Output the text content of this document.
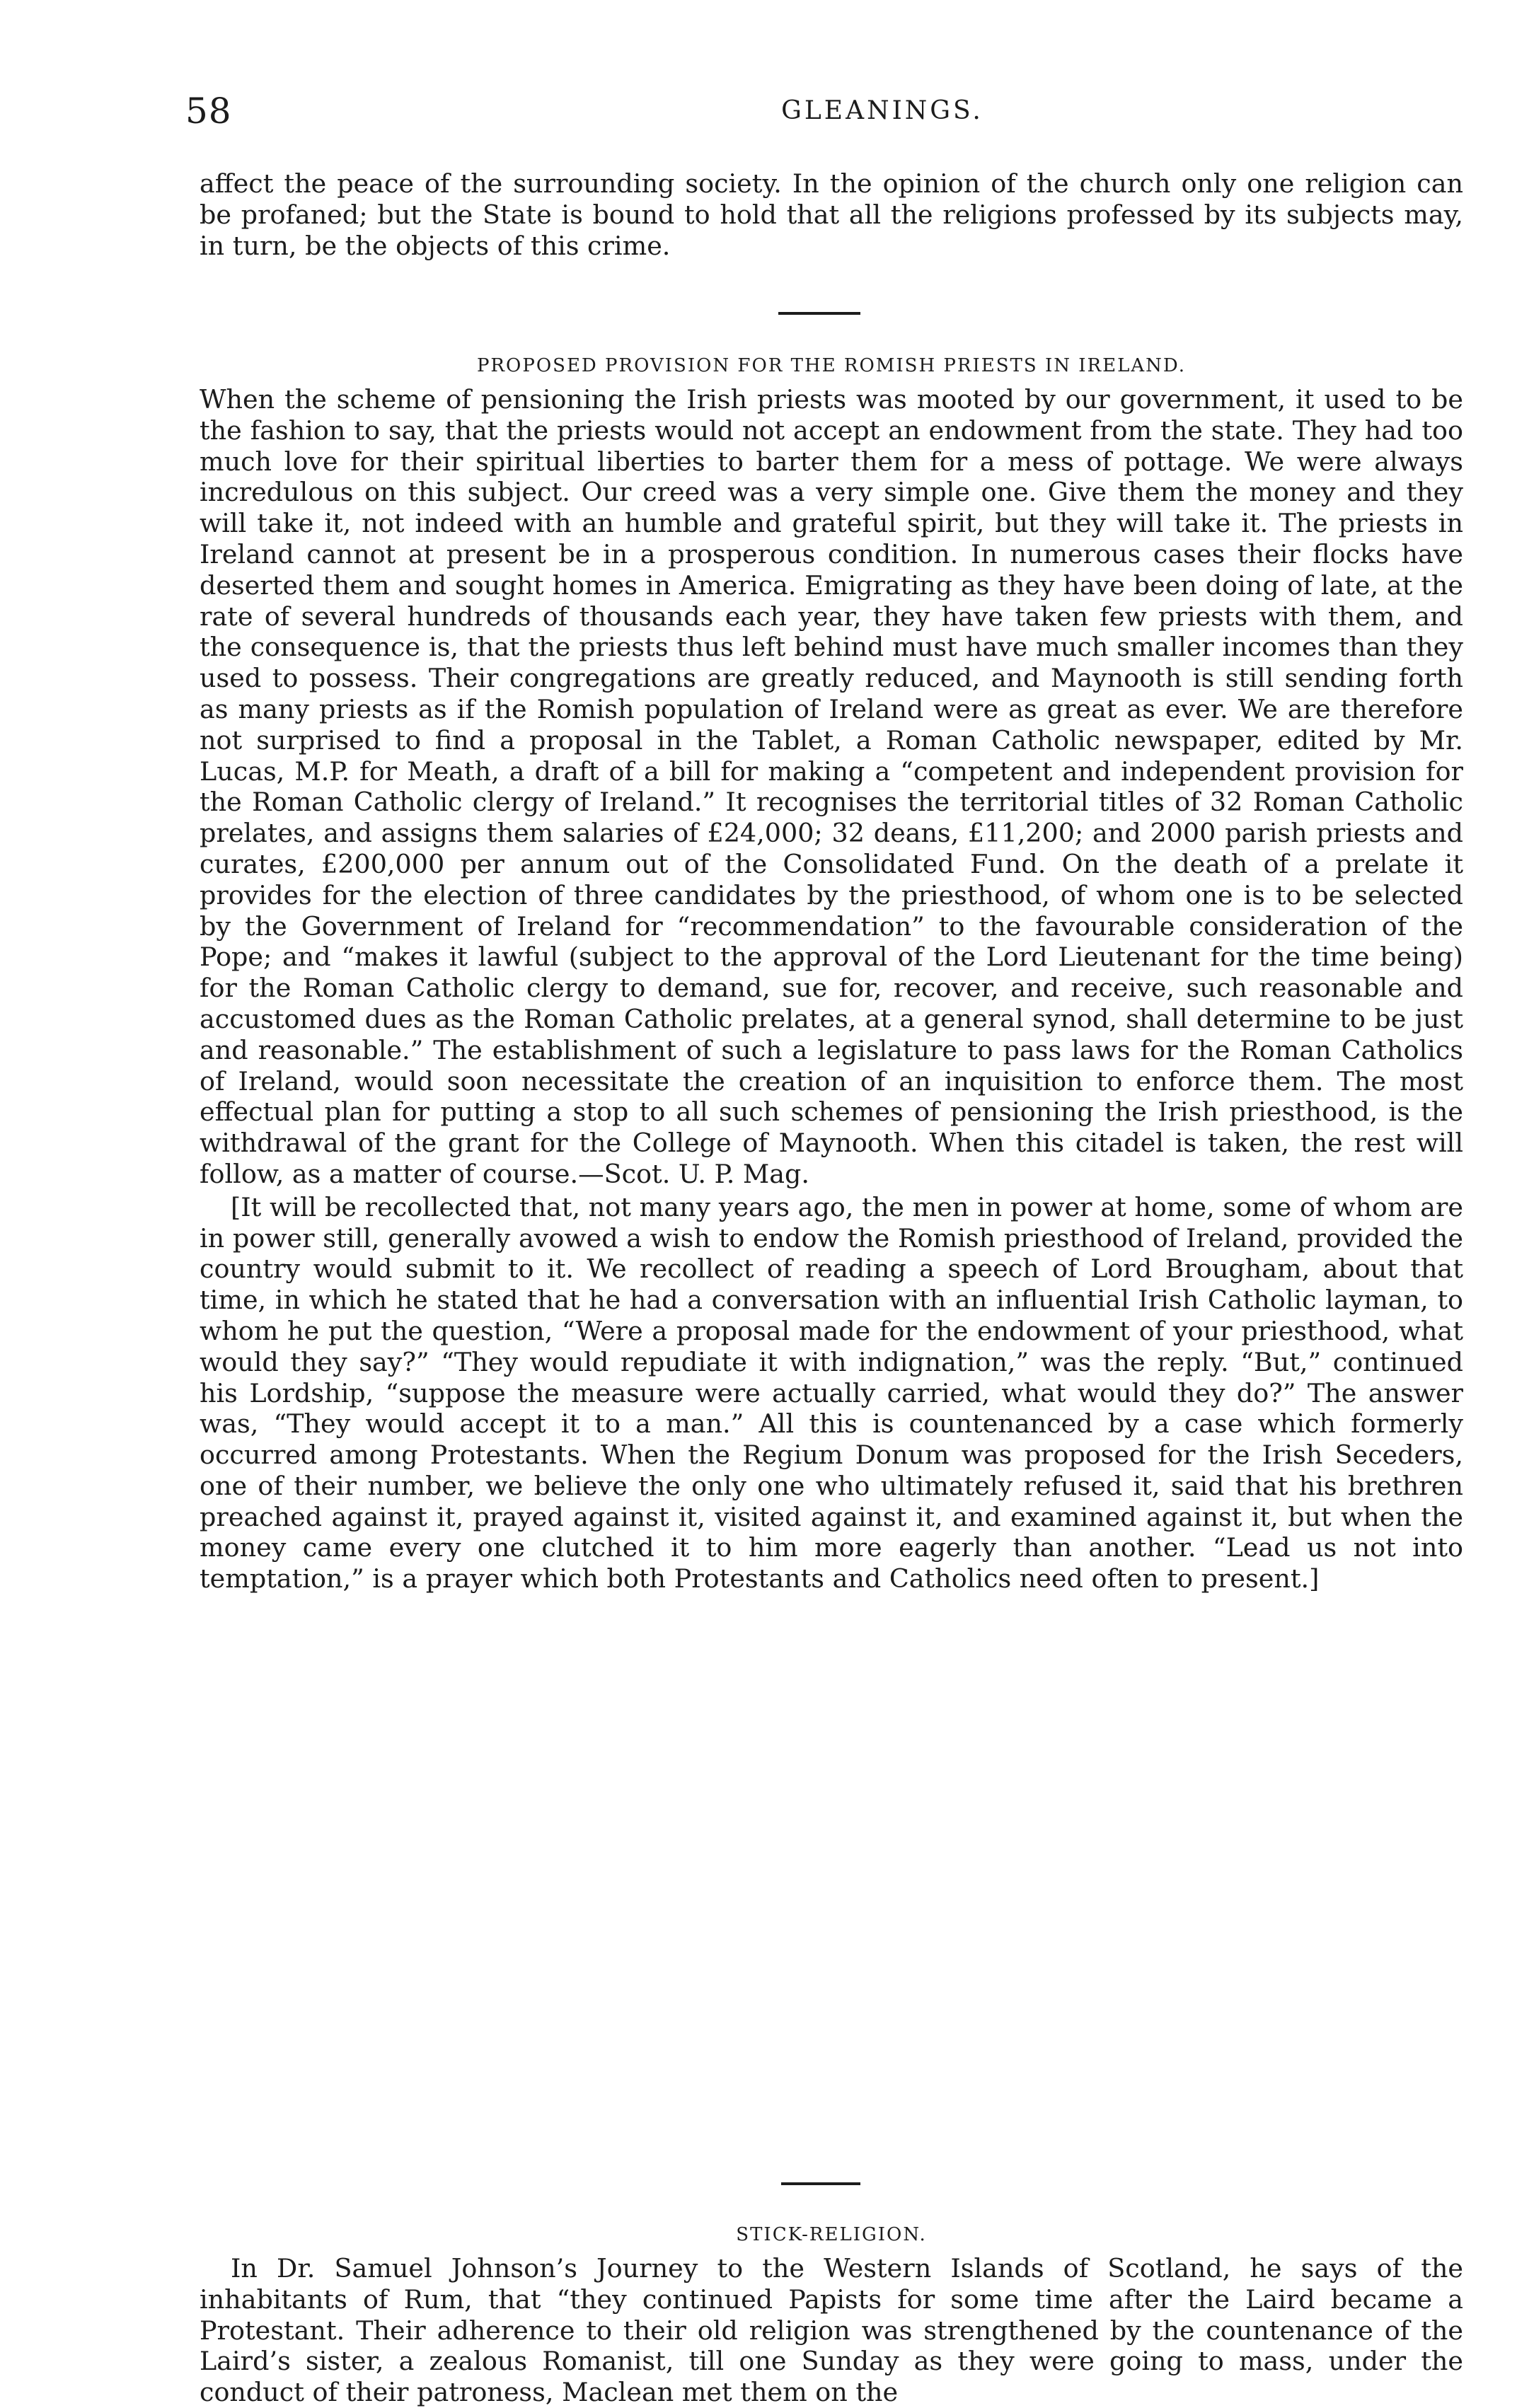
58	GLEANINGS.

affect the peace of the surrounding society. In the opinion of the church only one religion can be profaned; but the State is bound to hold that all the religions professed by its subjects may, in turn, be the objects of this crime.

PROPOSED PROVISION FOR THE ROMISH PRIESTS IN IRELAND.

When the scheme of pensioning the Irish priests was mooted by our government, it used to be the fashion to say, that the priests would not accept an endowment from the state. They had too much love for their spiritual liberties to barter them for a mess of pottage. We were always incredulous on this subject. Our creed was a very simple one. Give them the money and they will take it, not indeed with an humble and grateful spirit, but they will take it. The priests in Ireland cannot at present be in a prosperous condition. In numerous cases their flocks have deserted them and sought homes in America. Emigrating as they have been doing of late, at the rate of several hundreds of thousands each year, they have taken few priests with them, and the consequence is, that the priests thus left behind must have much smaller incomes than they used to possess. Their congregations are greatly reduced, and Maynooth is still sending forth as many priests as if the Romish population of Ireland were as great as ever. We are therefore not surprised to find a proposal in the Tablet, a Roman Catholic newspaper, edited by Mr. Lucas, M.P. for Meath, a draft of a bill for making a “competent and independent provision for the Roman Catholic clergy of Ireland.” It recognises the territorial titles of 32 Roman Catholic prelates, and assigns them salaries of £24,000; 32 deans, £11,200; and 2000 parish priests and curates, £200,000 per annum out of the Consolidated Fund. On the death of a prelate it provides for the election of three candidates by the priesthood, of whom one is to be selected by the Government of Ireland for “recommendation” to the favourable consideration of the Pope; and “makes it lawful (subject to the approval of the Lord Lieutenant for the time being) for the Roman Catholic clergy to demand, sue for, recover, and receive, such reasonable and accustomed dues as the Roman Catholic prelates, at a general synod, shall determine to be just and reasonable.” The establishment of such a legislature to pass laws for the Roman Catholics of Ireland, would soon necessitate the creation of an inquisition to enforce them. The most effectual plan for putting a stop to all such schemes of pensioning the Irish priesthood, is the withdrawal of the grant for the College of Maynooth. When this citadel is taken, the rest will follow, as a matter of course.—Scot. U. P. Mag.

[It will be recollected that, not many years ago, the men in power at home, some of whom are in power still, generally avowed a wish to endow the Romish priesthood of Ireland, provided the country would submit to it. We recollect of reading a speech of Lord Brougham, about that time, in which he stated that he had a conversation with an influential Irish Catholic layman, to whom he put the question, “Were a proposal made for the endowment of your priesthood, what would they say?” “They would repudiate it with indignation,” was the reply. “But,” continued his Lordship, “suppose the measure were actually carried, what would they do?” The answer was, “They would accept it to a man.” All this is countenanced by a case which formerly occurred among Protestants. When the Regium Donum was proposed for the Irish Seceders, one of their number, we believe the only one who ultimately refused it, said that his brethren preached against it, prayed against it, visited against it, and examined against it, but when the money came every one clutched it to him more eagerly than another. “Lead us not into temptation,” is a prayer which both Protestants and Catholics need often to present.]

STICK-RELIGION.

In Dr. Samuel Johnson’s Journey to the Western Islands of Scotland, he says of the inhabitants of Rum, that “they continued Papists for some time after the Laird became a Protestant. Their adherence to their old religion was strengthened by the countenance of the Laird’s sister, a zealous Romanist, till one Sunday as they were going to mass, under the conduct of their patroness, Maclean met them on the
